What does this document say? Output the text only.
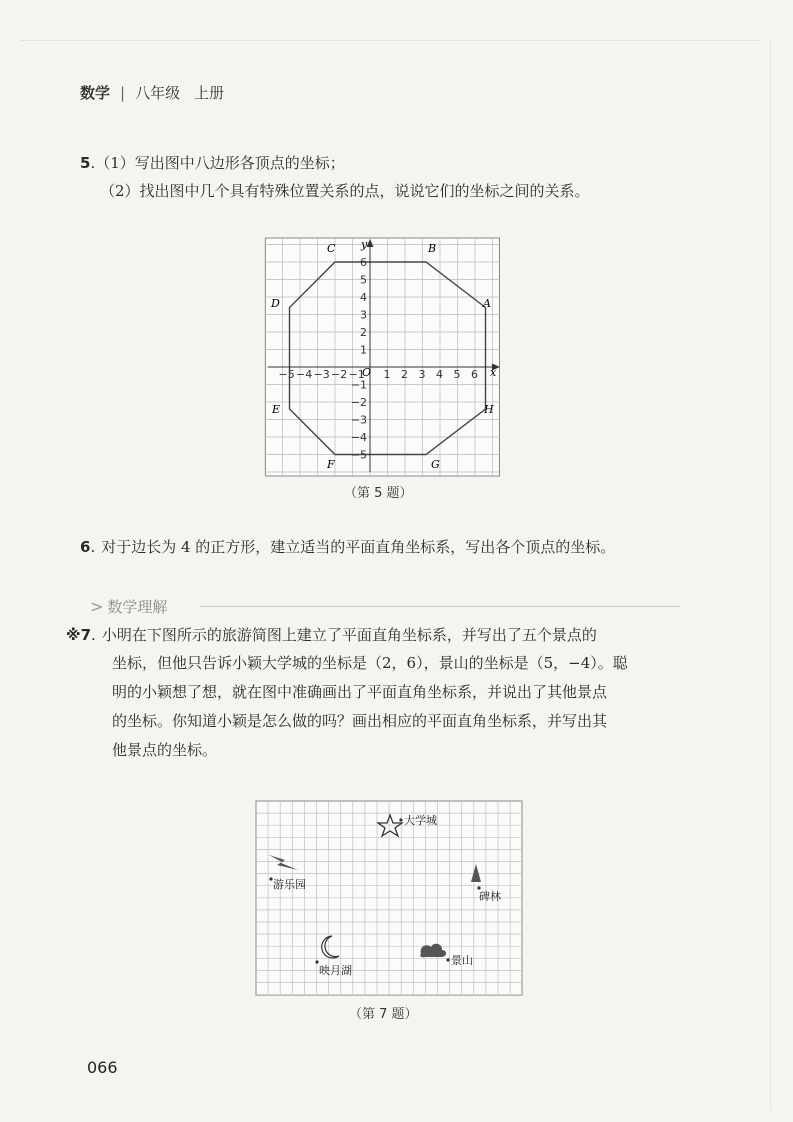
数学 | 八年级 上册
5.（1）写出图中八边形各顶点的坐标；
（2）找出图中几个具有特殊位置关系的点，说说它们的坐标之间的关系。
−5 −4 −3 −2 −1 1 2 3 4 5 6
6
5
4
3
2
1
−1
−2
−3
−4
−5
O	x
y	B
C
A
D
E	H
F	G
（第 5 题）
6. 对于边长为 4 的正方形，建立适当的平面直角坐标系，写出各个顶点的坐标。
> 数学理解
※7. 小明在下图所示的旅游简图上建立了平面直角坐标系，并写出了五个景点的
坐标，但他只告诉小颖大学城的坐标是（2，6），景山的坐标是（5，−4）。聪
明的小颖想了想，就在图中准确画出了平面直角坐标系，并说出了其他景点
的坐标。你知道小颖是怎么做的吗？画出相应的平面直角坐标系，并写出其
他景点的坐标。
大学城
游乐园
碑林
映月湖
景山
（第 7 题）
066
